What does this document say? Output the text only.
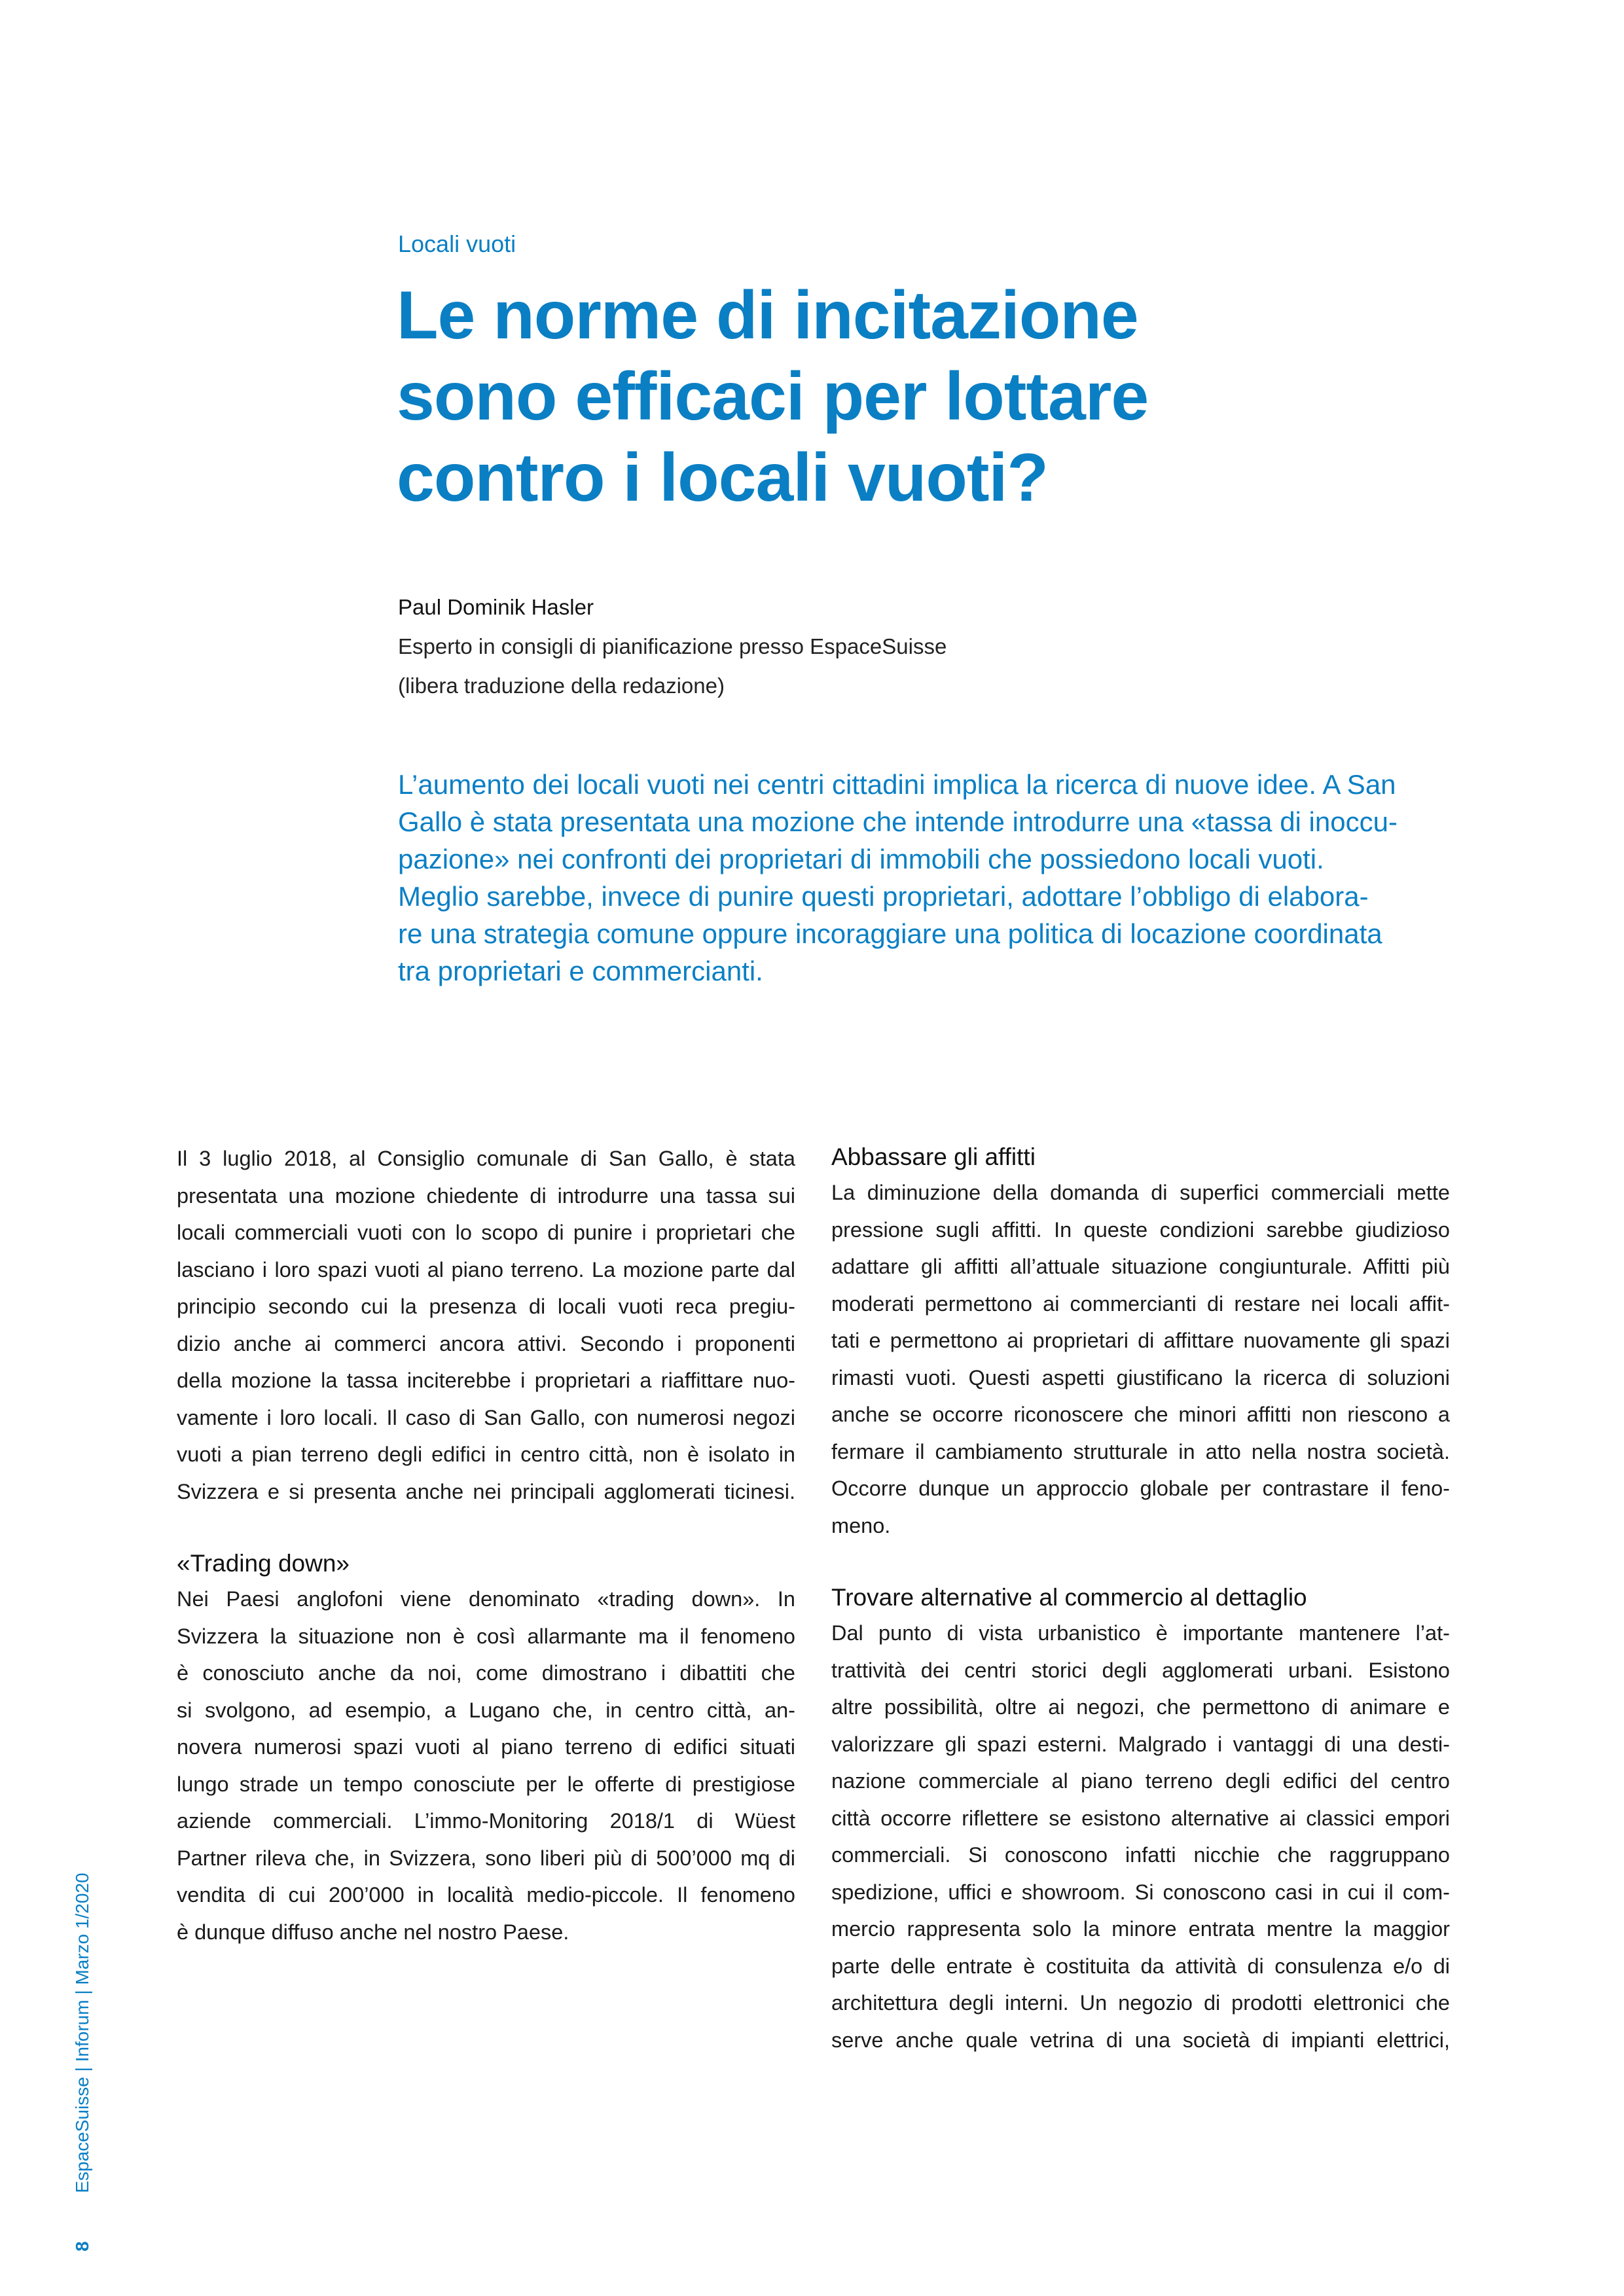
Locali vuoti
Le norme di incitazione
sono efficaci per lottare
contro i locali vuoti?
Paul Dominik Hasler
Esperto in consigli di pianificazione presso EspaceSuisse
(libera traduzione della redazione)
L’aumento dei locali vuoti nei centri cittadini implica la ricerca di nuove idee. A San
Gallo è stata presentata una mozione che intende introdurre una «tassa di inoccu-
pazione» nei confronti dei proprietari di immobili che possiedono locali vuoti.
Meglio sarebbe, invece di punire questi proprietari, adottare l’obbligo di elabora-
re una strategia comune oppure incoraggiare una politica di locazione coordinata
tra proprietari e commercianti.
Il 3 luglio 2018, al Consiglio comunale di San Gallo, è stata
presentata una mozione chiedente di introdurre una tassa sui
locali commerciali vuoti con lo scopo di punire i proprietari che
lasciano i loro spazi vuoti al piano terreno. La mozione parte dal
principio secondo cui la presenza di locali vuoti reca pregiu-
dizio anche ai commerci ancora attivi. Secondo i proponenti
della mozione la tassa inciterebbe i proprietari a riaffittare nuo-
vamente i loro locali. Il caso di San Gallo, con numerosi negozi
vuoti a pian terreno degli edifici in centro città, non è isolato in
Svizzera e si presenta anche nei principali agglomerati ticinesi.
«Trading down»
Nei Paesi anglofoni viene denominato «trading down». In
Svizzera la situazione non è così allarmante ma il fenomeno
è conosciuto anche da noi, come dimostrano i dibattiti che
si svolgono, ad esempio, a Lugano che, in centro città, an-
novera numerosi spazi vuoti al piano terreno di edifici situati
lungo strade un tempo conosciute per le offerte di prestigiose
aziende commerciali. L’immo-Monitoring 2018/1 di Wüest
Partner rileva che, in Svizzera, sono liberi più di 500’000 mq di
vendita di cui 200’000 in località medio-piccole. Il fenomeno
è dunque diffuso anche nel nostro Paese.
Abbassare gli affitti
La diminuzione della domanda di superfici commerciali mette
pressione sugli affitti. In queste condizioni sarebbe giudizioso
adattare gli affitti all’attuale situazione congiunturale. Affitti più
moderati permettono ai commercianti di restare nei locali affit-
tati e permettono ai proprietari di affittare nuovamente gli spazi
rimasti vuoti. Questi aspetti giustificano la ricerca di soluzioni
anche se occorre riconoscere che minori affitti non riescono a
fermare il cambiamento strutturale in atto nella nostra società.
Occorre dunque un approccio globale per contrastare il feno-
meno.
Trovare alternative al commercio al dettaglio
Dal punto di vista urbanistico è importante mantenere l’at-
trattività dei centri storici degli agglomerati urbani. Esistono
altre possibilità, oltre ai negozi, che permettono di animare e
valorizzare gli spazi esterni. Malgrado i vantaggi di una desti-
nazione commerciale al piano terreno degli edifici del centro
città occorre riflettere se esistono alternative ai classici empori
commerciali. Si conoscono infatti nicchie che raggruppano
spedizione, uffici e showroom. Si conoscono casi in cui il com-
mercio rappresenta solo la minore entrata mentre la maggior
parte delle entrate è costituita da attività di consulenza e/o di
architettura degli interni. Un negozio di prodotti elettronici che
serve anche quale vetrina di una società di impianti elettrici,
8 EspaceSuisse | Inforum | Marzo 1/2020
